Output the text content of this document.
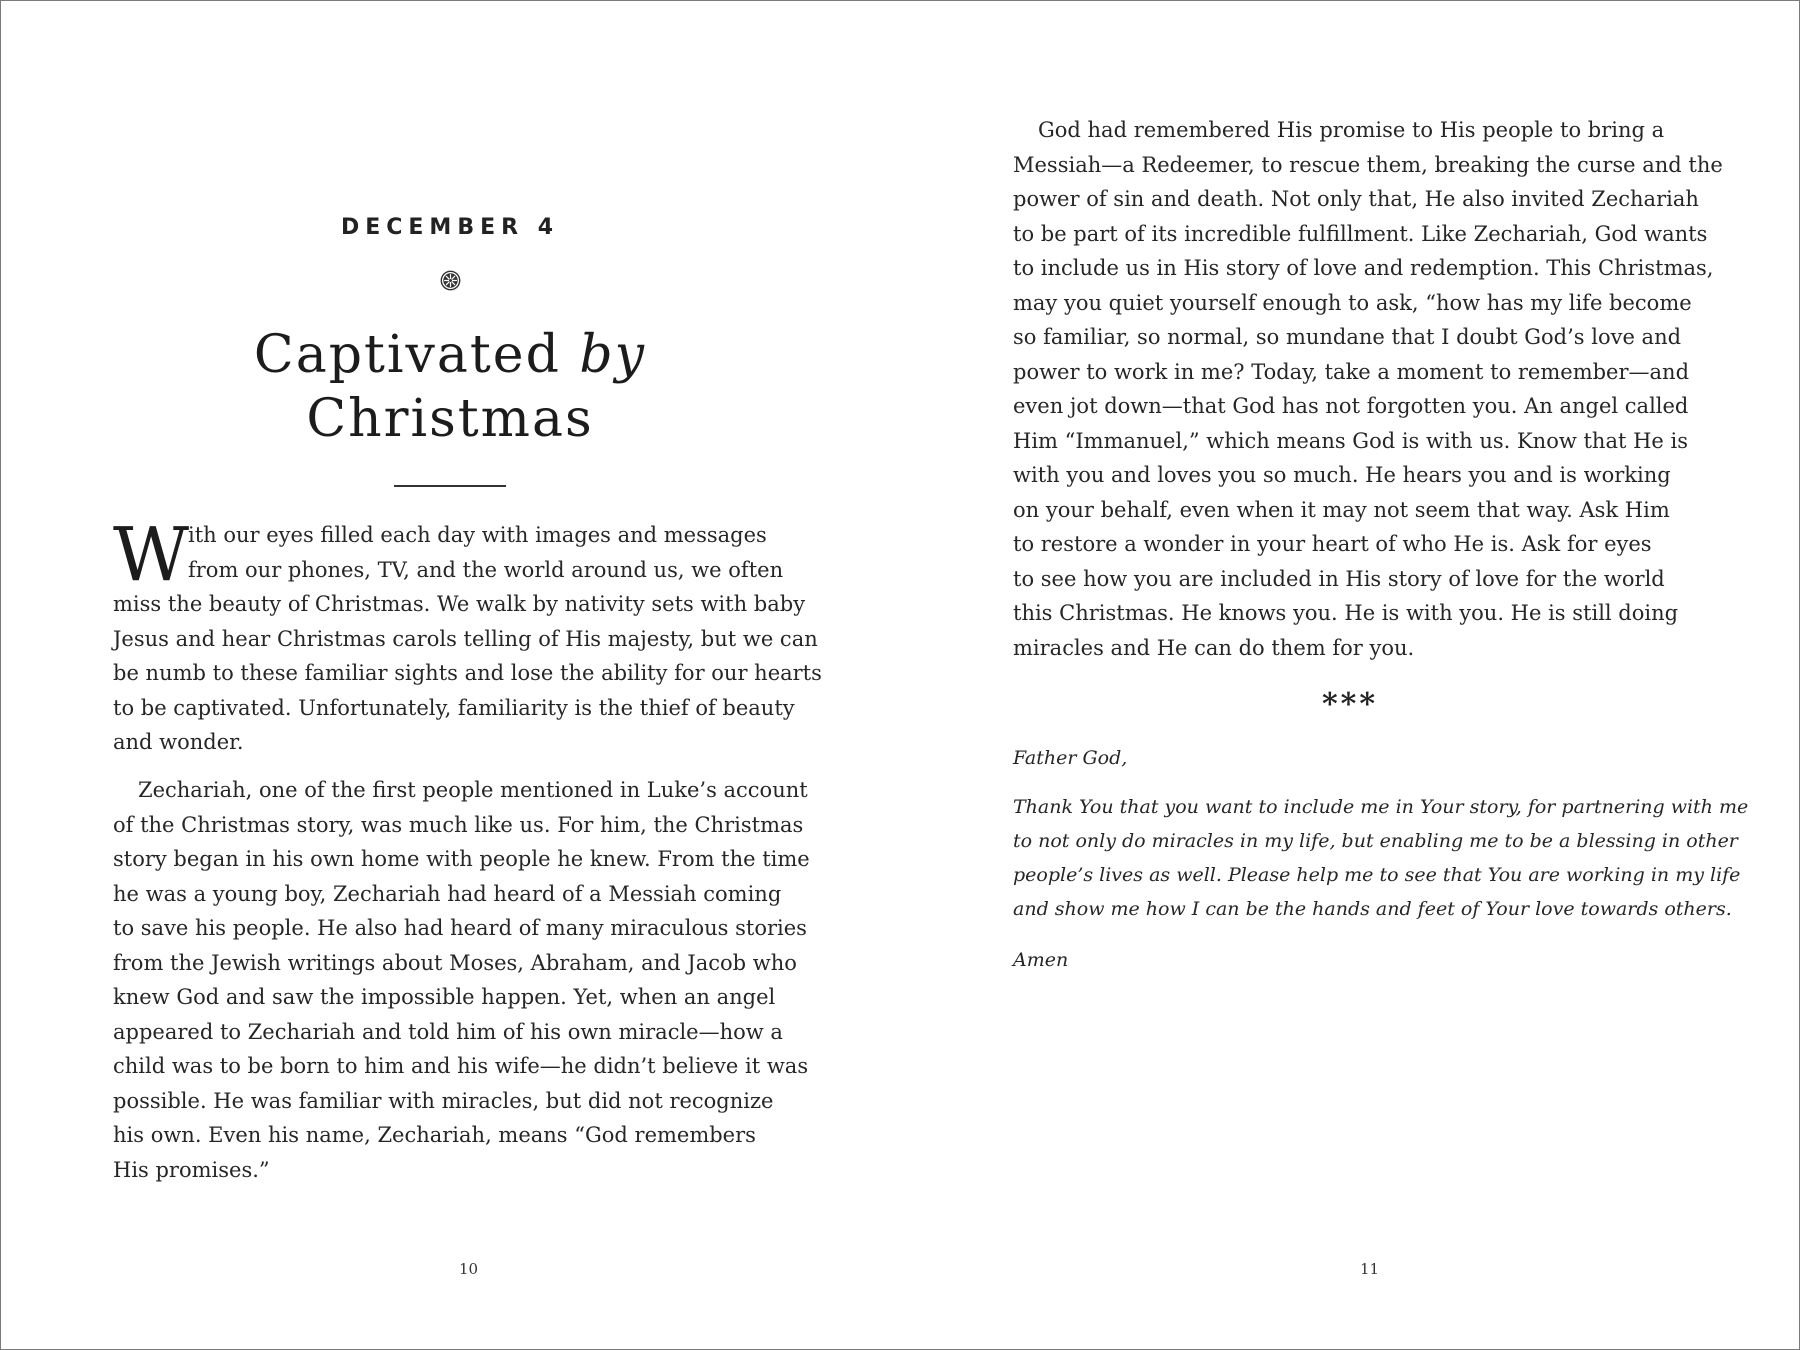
DECEMBER 4
Captivated by
Christmas
W
ith our eyes filled each day with images and messages
from our phones, TV, and the world around us, we often
miss the beauty of Christmas. We walk by nativity sets with baby
Jesus and hear Christmas carols telling of His majesty, but we can
be numb to these familiar sights and lose the ability for our hearts
to be captivated. Unfortunately, familiarity is the thief of beauty
and wonder.
Zechariah, one of the first people mentioned in Luke’s account
of the Christmas story, was much like us. For him, the Christmas
story began in his own home with people he knew. From the time
he was a young boy, Zechariah had heard of a Messiah coming
to save his people. He also had heard of many miraculous stories
from the Jewish writings about Moses, Abraham, and Jacob who
knew God and saw the impossible happen. Yet, when an angel
appeared to Zechariah and told him of his own miracle—how a
child was to be born to him and his wife—he didn’t believe it was
possible. He was familiar with miracles, but did not recognize
his own. Even his name, Zechariah, means “God remembers
His promises.”
10
God had remembered His promise to His people to bring a
Messiah—a Redeemer, to rescue them, breaking the curse and the
power of sin and death. Not only that, He also invited Zechariah
to be part of its incredible fulfillment. Like Zechariah, God wants
to include us in His story of love and redemption. This Christmas,
may you quiet yourself enough to ask, “how has my life become
so familiar, so normal, so mundane that I doubt God’s love and
power to work in me? Today, take a moment to remember—and
even jot down—that God has not forgotten you. An angel called
Him “Immanuel,” which means God is with us. Know that He is
with you and loves you so much. He hears you and is working
on your behalf, even when it may not seem that way. Ask Him
to restore a wonder in your heart of who He is. Ask for eyes
to see how you are included in His story of love for the world
this Christmas. He knows you. He is with you. He is still doing
miracles and He can do them for you.
***
Father God,
Thank You that you want to include me in Your story, for partnering with me
to not only do miracles in my life, but enabling me to be a blessing in other
people’s lives as well. Please help me to see that You are working in my life
and show me how I can be the hands and feet of Your love towards others.
Amen
11
